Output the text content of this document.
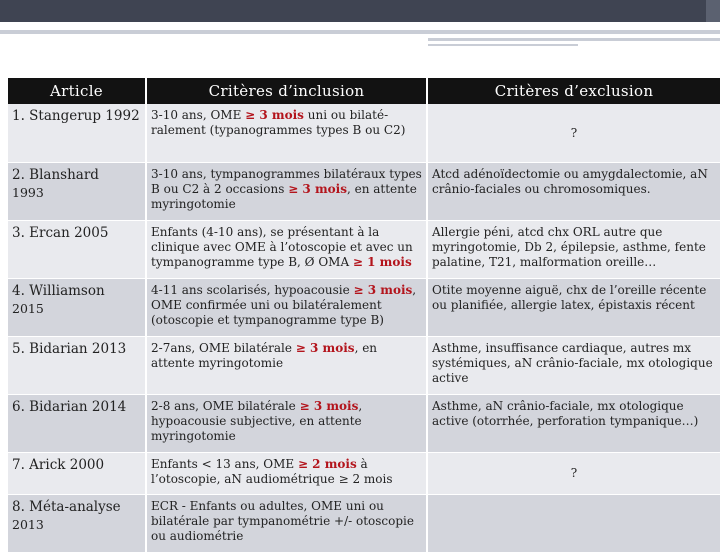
Article	Critères d’inclusion	Critères d’exclusion
1. Stangerup 1992	3-10 ans, OME ≥ 3 mois uni ou bilaté-ralement (typanogrammes types B ou C2)	?
2. Blanshard
1993	3-10 ans, tympanogrammes bilatéraux types B ou C2 à 2 occasions ≥ 3 mois, en attente myringotomie	Atcd adénoïdectomie ou amygdalectomie, aN crânio-faciales ou chromosomiques.
3. Ercan 2005	Enfants (4-10 ans), se présentant à la clinique avec OME à l’otoscopie et avec un tympanogramme type B, Ø OMA ≥ 1 mois	Allergie péni, atcd chx ORL autre que myringotomie, Db 2, épilepsie, asthme, fente palatine, T21, malformation oreille…
4. Williamson
2015	4-11 ans scolarisés, hypoacousie ≥ 3 mois, OME confirmée uni ou bilatéralement (otoscopie et tympanogramme type B)	Otite moyenne aiguë, chx de l’oreille récente ou planifiée, allergie latex, épistaxis récent
5. Bidarian 2013	2-7ans, OME bilatérale ≥ 3 mois, en attente myringotomie	Asthme, insuffisance cardiaque, autres mx systémiques, aN crânio-faciale, mx otologique active
6. Bidarian 2014	2-8 ans, OME bilatérale ≥ 3 mois, hypoacousie subjective, en attente myringotomie	Asthme, aN crânio-faciale, mx otologique active (otorrhée, perforation tympanique…)
7. Arick 2000	Enfants < 13 ans, OME ≥ 2 mois à l’otoscopie, aN audiométrique ≥ 2 mois	?
8. Méta-analyse
2013	ECR - Enfants ou adultes, OME uni ou bilatérale par tympanométrie +/- otoscopie ou audiométrie	
